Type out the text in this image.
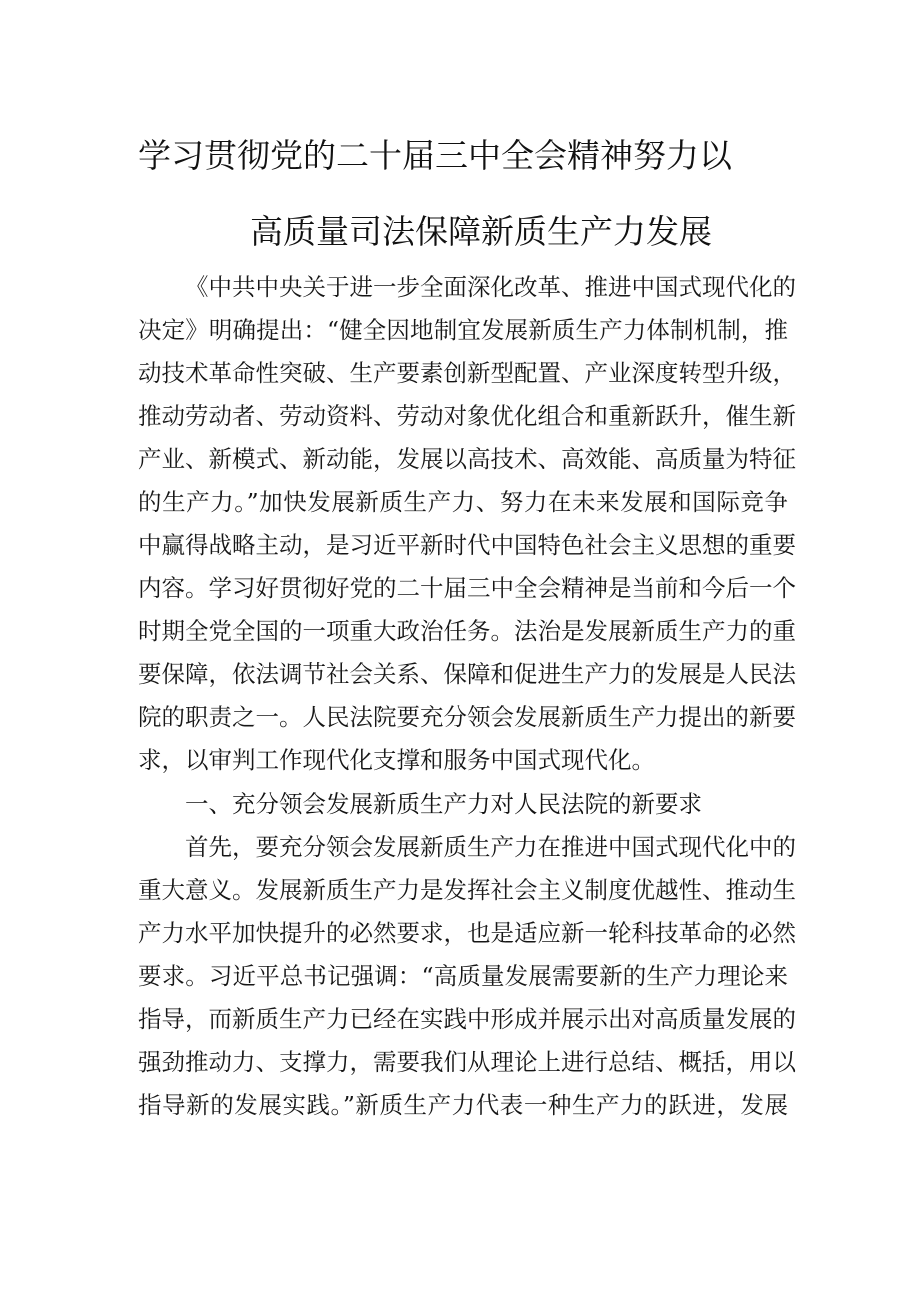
学习贯彻党的二十届三中全会精神努力以
高质量司法保障新质生产力发展
《中共中央关于进一步全面深化改革、推进中国式现代化的
决定》明确提出：“健全因地制宜发展新质生产力体制机制，推
动技术革命性突破、生产要素创新型配置、产业深度转型升级，
推动劳动者、劳动资料、劳动对象优化组合和重新跃升，催生新
产业、新模式、新动能，发展以高技术、高效能、高质量为特征
的生产力。”加快发展新质生产力、努力在未来发展和国际竞争
中赢得战略主动，是习近平新时代中国特色社会主义思想的重要
内容。学习好贯彻好党的二十届三中全会精神是当前和今后一个
时期全党全国的一项重大政治任务。法治是发展新质生产力的重
要保障，依法调节社会关系、保障和促进生产力的发展是人民法
院的职责之一。人民法院要充分领会发展新质生产力提出的新要
求，以审判工作现代化支撑和服务中国式现代化。
一、充分领会发展新质生产力对人民法院的新要求
首先，要充分领会发展新质生产力在推进中国式现代化中的
重大意义。发展新质生产力是发挥社会主义制度优越性、推动生
产力水平加快提升的必然要求，也是适应新一轮科技革命的必然
要求。习近平总书记强调：“高质量发展需要新的生产力理论来
指导，而新质生产力已经在实践中形成并展示出对高质量发展的
强劲推动力、支撑力，需要我们从理论上进行总结、概括，用以
指导新的发展实践。”新质生产力代表一种生产力的跃进，发展
